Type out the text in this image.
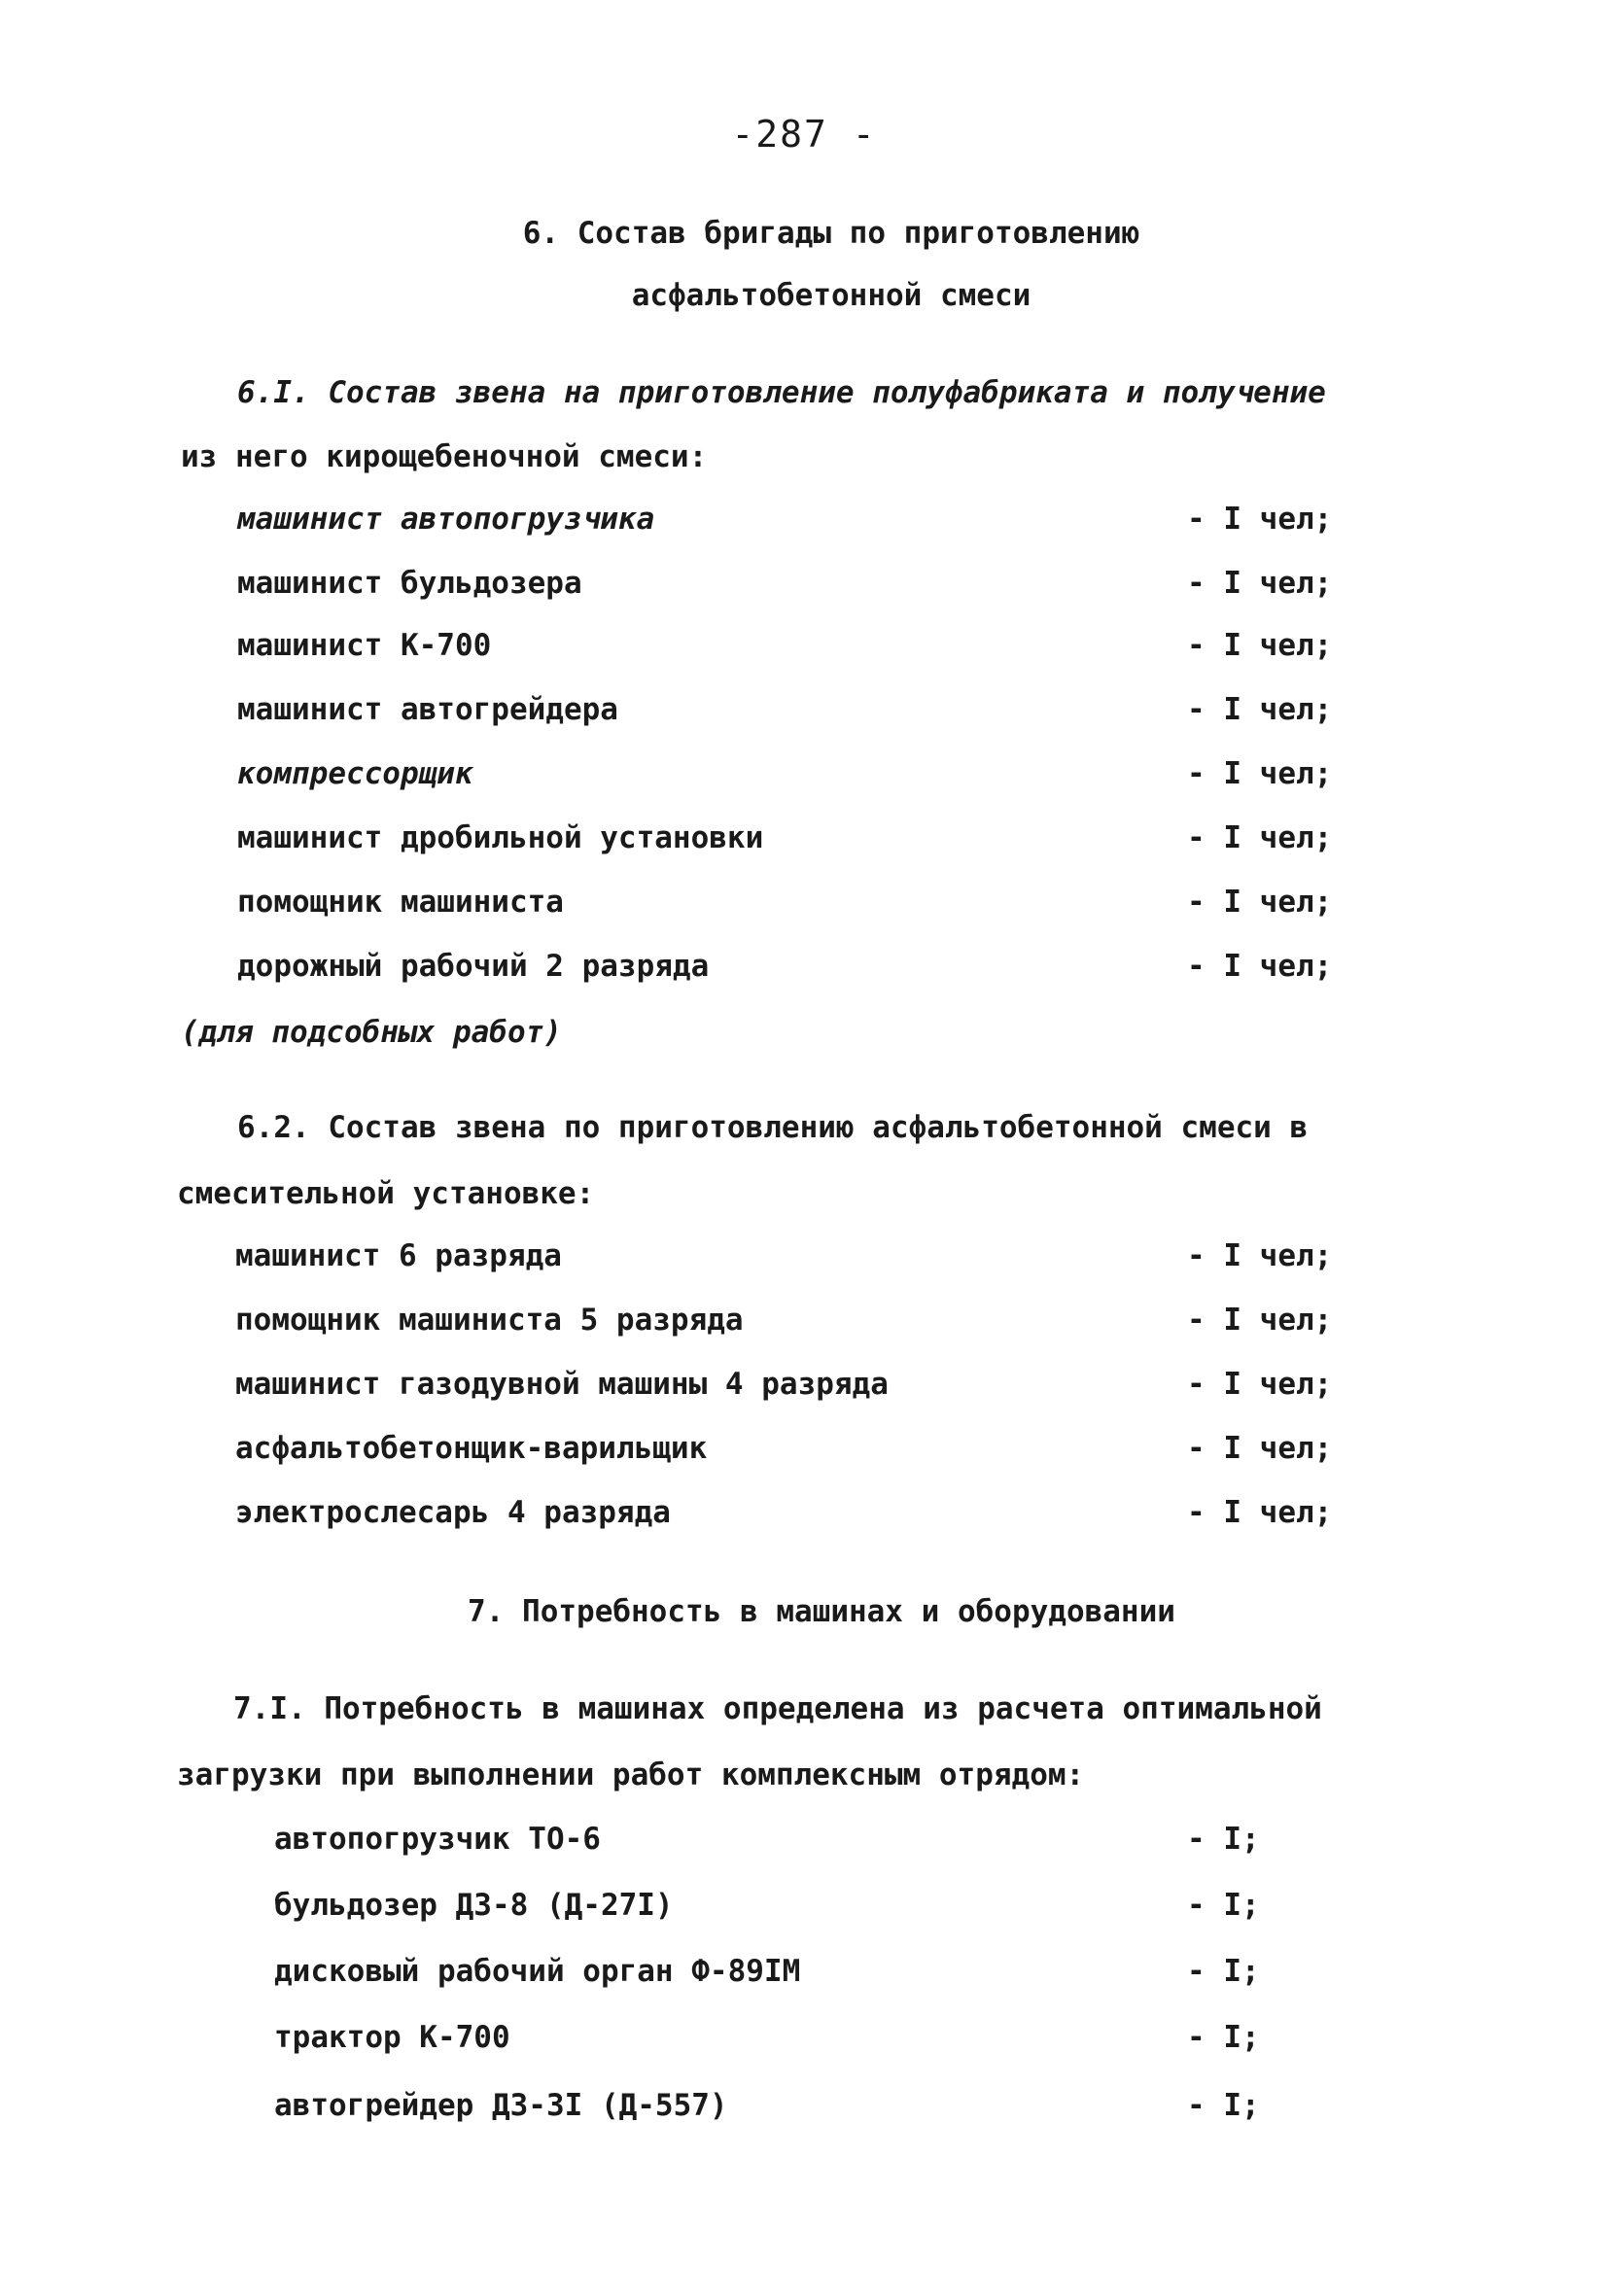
-287 -
6. Состав бригады по приготовлению
асфальтобетонной смеси
6.I. Состав звена на приготовление полуфабриката и получение
из него кирощебеночной смеси:
машинист автопогрузчика	- I чел;
машинист бульдозера	- I чел;
машинист К-700	- I чел;
машинист автогрейдера	- I чел;
компрессорщик	- I чел;
машинист дробильной установки	- I чел;
помощник машиниста	- I чел;
дорожный рабочий 2 разряда	- I чел;
(для подсобных работ)
6.2. Состав звена по приготовлению асфальтобетонной смеси в
смесительной установке:
машинист 6 разряда	- I чел;
помощник машиниста 5 разряда	- I чел;
машинист газодувной машины 4 разряда	- I чел;
асфальтобетонщик-варильщик	- I чел;
электрослесарь 4 разряда	- I чел;
7. Потребность в машинах и оборудовании
7.I. Потребность в машинах определена из расчета оптимальной
загрузки при выполнении работ комплексным отрядом:
автопогрузчик ТО-6	- I;
бульдозер ДЗ-8 (Д-27I)	- I;
дисковый рабочий орган Ф-89IМ	- I;
трактор К-700	- I;
автогрейдер ДЗ-3I (Д-557)	- I;
